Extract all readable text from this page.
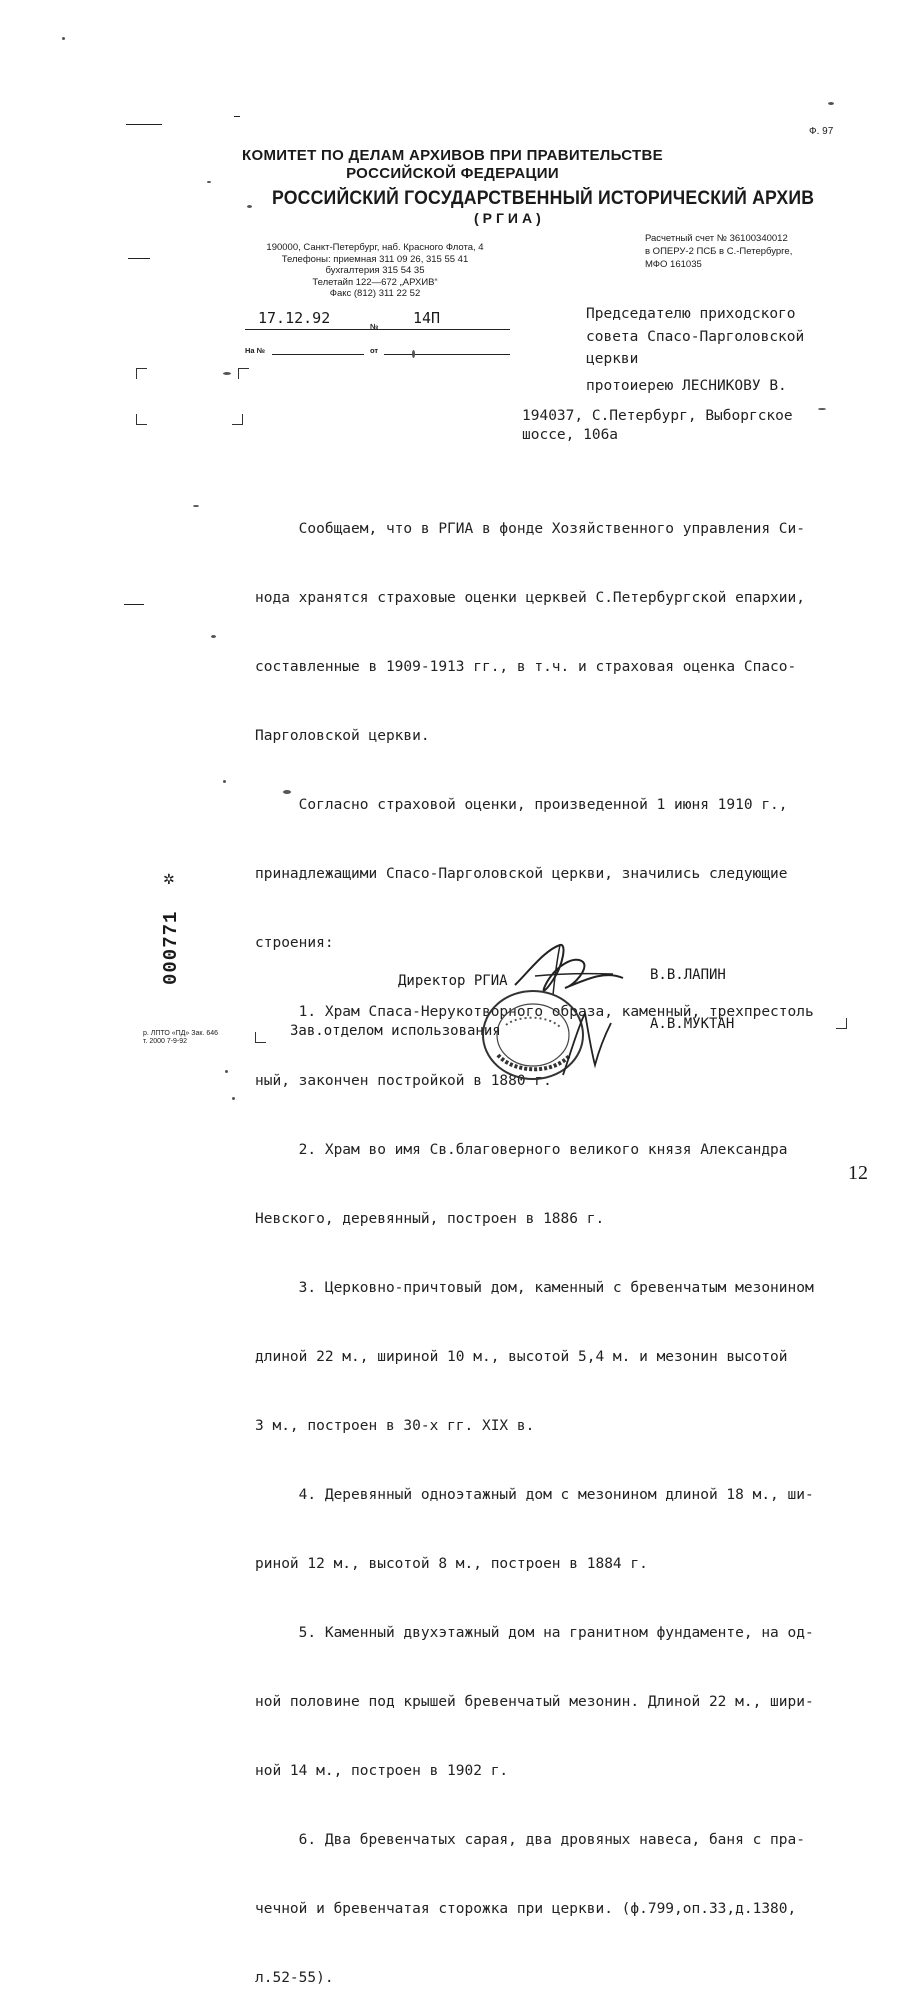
Ф. 97
КОМИТЕТ ПО ДЕЛАМ АРХИВОВ ПРИ ПРАВИТЕЛЬСТВЕ
РОССИЙСКОЙ ФЕДЕРАЦИИ
РОССИЙСКИЙ ГОСУДАРСТВЕННЫЙ ИСТОРИЧЕСКИЙ АРХИВ
(РГИА)
190000, Санкт-Петербург, наб. Красного Флота, 4
Телефоны: приемная 311 09 26, 315 55 41
бухгалтерия 315 54 35
Телетайп 122—672 „АРХИВ“
Факс (812) 311 22 52
Расчетный счет № 36100340012
в ОПЕРУ-2 ПСБ в С.-Петербурге,
МФО 161035
17.12.92	№ 14П
На №	от
Председателю приходского
совета Спасо-Парголовской
церкви
протоиерею ЛЕСНИКОВУ В.
194037, С.Петербург, Выборгское
шоссе, 106а

Сообщаем, что в РГИА в фонде Хозяйственного управления Си-

нода хранятся страховые оценки церквей С.Петербургской епархии,

составленные в 1909-1913 гг., в т.ч. и страховая оценка Спасо-

Парголовской церкви.

Согласно страховой оценки, произведенной 1 июня 1910 г.,

принадлежащими Спасо-Парголовской церкви, значились следующие

строения:

1. Храм Спаса-Нерукотворного образа, каменный, трехпрестоль

ный, закончен постройкой в 1880 г.

2. Храм во имя Св.благоверного великого князя Александра

Невского, деревянный, построен в 1886 г.

3. Церковно-причтовый дом, каменный с бревенчатым мезонином

длиной 22 м., шириной 10 м., высотой 5,4 м. и мезонин высотой

3 м., построен в 30-х гг. XIX в.

4. Деревянный одноэтажный дом с мезонином длиной 18 м., ши-

риной 12 м., высотой 8 м., построен в 1884 г.

5. Каменный двухэтажный дом на гранитном фундаменте, на од-

ной половине под крышей бревенчатый мезонин. Длиной 22 м., шири-

ной 14 м., построен в 1902 г.

6. Два бревенчатых сарая, два дровяных навеса, баня с пра-

чечной и бревенчатая сторожка при церкви. (ф.799,оп.33,д.1380,

л.52-55).

Директор РГИА	В.В.ЛАПИН
Зав.отделом использования	А.В.МУКТАН
000771
✲
р. ЛПТО «ПД» Зак. 646
т. 2000 7-9-92
12
